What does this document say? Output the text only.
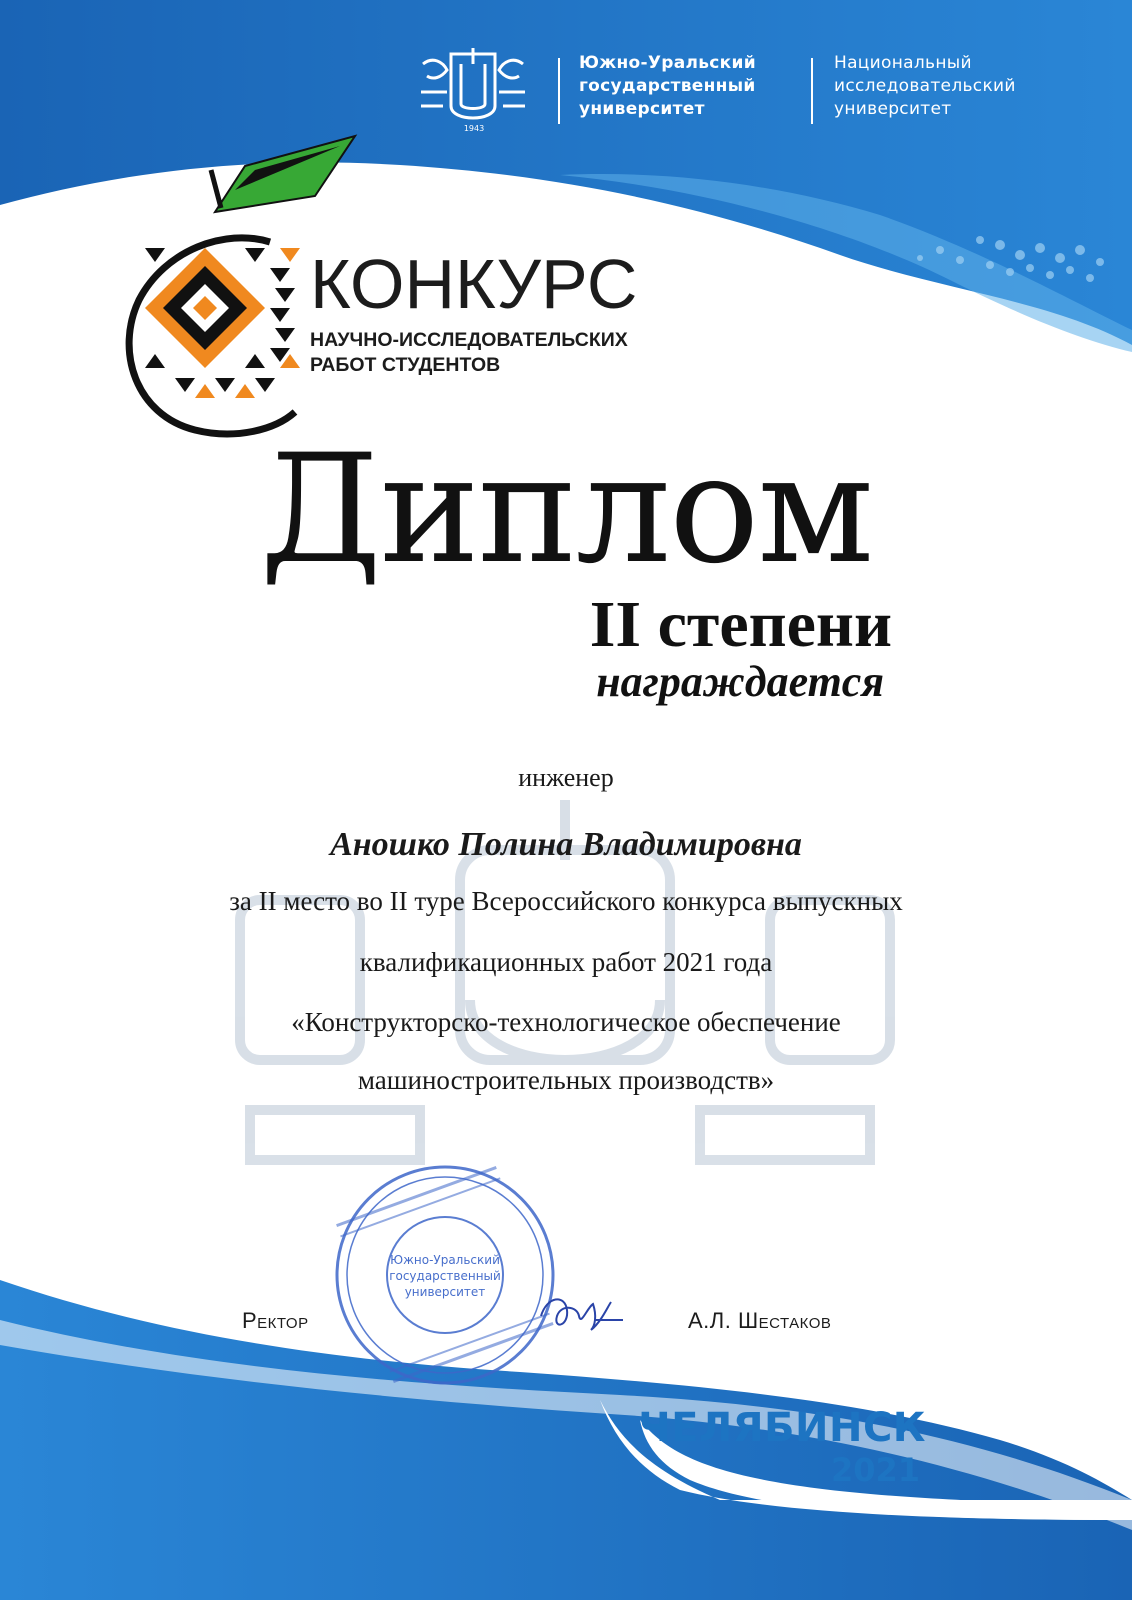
1943
Южно-Уральский
государственный
университет
Национальный
исследовательский
университет
КОНКУРС
НАУЧНО-ИССЛЕДОВАТЕЛЬСКИХ
РАБОТ СТУДЕНТОВ
Диплом
II степени
награждается
инженер
Аношко Полина Владимировна
за II место во II туре Всероссийского конкурса выпускных
квалификационных работ 2021 года
«Конструкторско-технологическое обеспечение
машиностроительных производств»
Южно-Уральский
государственный
университет
Ректор	А.Л. Шестаков
ЧЕЛЯБИНСК
2021
